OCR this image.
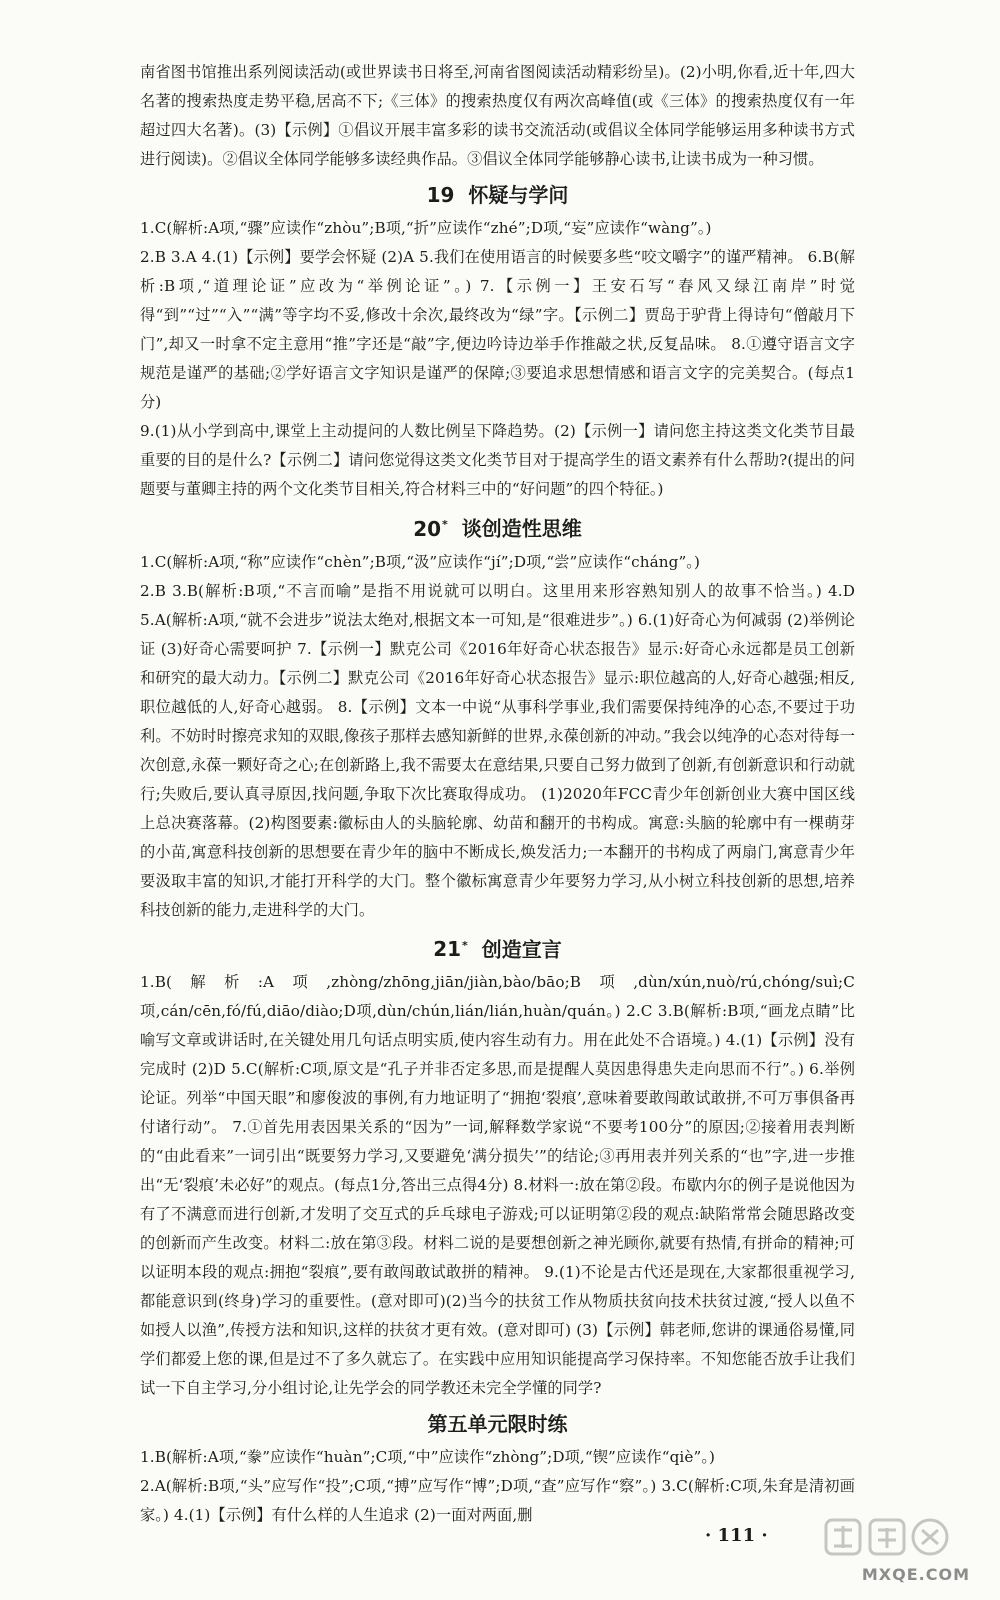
南省图书馆推出系列阅读活动(或世界读书日将至,河南省图阅读活动精彩纷呈)。(2)小明,你看,近十年,四大名著的搜索热度走势平稳,居高不下;《三体》的搜索热度仅有两次高峰值(或《三体》的搜索热度仅有一年超过四大名著)。(3)【示例】①倡议开展丰富多彩的读书交流活动(或倡议全体同学能够运用多种读书方式进行阅读)。②倡议全体同学能够多读经典作品。③倡议全体同学能够静心读书,让读书成为一种习惯。

19 怀疑与学问

1.C(解析:A项,“骤”应读作“zhòu”;B项,“折”应读作“zhé”;D项,“妄”应读作“wàng”。)

2.B 3.A 4.(1)【示例】要学会怀疑 (2)A 5.我们在使用语言的时候要多些“咬文嚼字”的谨严精神。 6.B(解析:B项,“道理论证”应改为“举例论证”。) 7.【示例一】王安石写“春风又绿江南岸”时觉得“到”“过”“入”“满”等字均不妥,修改十余次,最终改为“绿”字。【示例二】贾岛于驴背上得诗句“僧敲月下门”,却又一时拿不定主意用“推”字还是“敲”字,便边吟诗边举手作推敲之状,反复品味。 8.①遵守语言文字规范是谨严的基础;②学好语言文字知识是谨严的保障;③要追求思想情感和语言文字的完美契合。(每点1分)

9.(1)从小学到高中,课堂上主动提问的人数比例呈下降趋势。(2)【示例一】请问您主持这类文化类节目最重要的目的是什么?【示例二】请问您觉得这类文化类节目对于提高学生的语文素养有什么帮助?(提出的问题要与董卿主持的两个文化类节目相关,符合材料三中的“好问题”的四个特征。)

20* 谈创造性思维

1.C(解析:A项,“称”应读作“chèn”;B项,“汲”应读作“jí”;D项,“尝”应读作“cháng”。)

2.B 3.B(解析:B项,“不言而喻”是指不用说就可以明白。这里用来形容熟知别人的故事不恰当。) 4.D 5.A(解析:A项,“就不会进步”说法太绝对,根据文本一可知,是“很难进步”。) 6.(1)好奇心为何减弱 (2)举例论证 (3)好奇心需要呵护 7.【示例一】默克公司《2016年好奇心状态报告》显示:好奇心永远都是员工创新和研究的最大动力。【示例二】默克公司《2016年好奇心状态报告》显示:职位越高的人,好奇心越强;相反,职位越低的人,好奇心越弱。 8.【示例】文本一中说“从事科学事业,我们需要保持纯净的心态,不要过于功利。不妨时时擦亮求知的双眼,像孩子那样去感知新鲜的世界,永葆创新的冲动。”我会以纯净的心态对待每一次创意,永葆一颗好奇之心;在创新路上,我不需要太在意结果,只要自己努力做到了创新,有创新意识和行动就行;失败后,要认真寻原因,找问题,争取下次比赛取得成功。 (1)2020年FCC青少年创新创业大赛中国区线上总决赛落幕。(2)构图要素:徽标由人的头脑轮廓、幼苗和翻开的书构成。寓意:头脑的轮廓中有一棵萌芽的小苗,寓意科技创新的思想要在青少年的脑中不断成长,焕发活力;一本翻开的书构成了两扇门,寓意青少年要汲取丰富的知识,才能打开科学的大门。整个徽标寓意青少年要努力学习,从小树立科技创新的思想,培养科技创新的能力,走进科学的大门。

21* 创造宣言

1.B(解析:A项,zhòng/zhōng,jiān/jiàn,bào/bāo;B项,dùn/xún,nuò/rú,chóng/suì;C项,cán/cēn,fó/fú,diāo/diào;D项,dùn/chún,lián/lián,huàn/quán。) 2.C 3.B(解析:B项,“画龙点睛”比喻写文章或讲话时,在关键处用几句话点明实质,使内容生动有力。用在此处不合语境。) 4.(1)【示例】没有完成时 (2)D 5.C(解析:C项,原文是“孔子并非否定多思,而是提醒人莫因患得患失走向思而不行”。) 6.举例论证。列举“中国天眼”和廖俊波的事例,有力地证明了“拥抱‘裂痕’,意味着要敢闯敢试敢拼,不可万事俱备再付诸行动”。 7.①首先用表因果关系的“因为”一词,解释数学家说“不要考100分”的原因;②接着用表判断的“由此看来”一词引出“既要努力学习,又要避免‘满分损失’”的结论;③再用表并列关系的“也”字,进一步推出“无‘裂痕’未必好”的观点。(每点1分,答出三点得4分) 8.材料一:放在第②段。布歇内尔的例子是说他因为有了不满意而进行创新,才发明了交互式的乒乓球电子游戏;可以证明第②段的观点:缺陷常常会随思路改变的创新而产生改变。材料二:放在第③段。材料二说的是要想创新之神光顾你,就要有热情,有拼命的精神;可以证明本段的观点:拥抱“裂痕”,要有敢闯敢试敢拼的精神。 9.(1)不论是古代还是现在,大家都很重视学习,都能意识到(终身)学习的重要性。(意对即可)(2)当今的扶贫工作从物质扶贫向技术扶贫过渡,“授人以鱼不如授人以渔”,传授方法和知识,这样的扶贫才更有效。(意对即可) (3)【示例】韩老师,您讲的课通俗易懂,同学们都爱上您的课,但是过不了多久就忘了。在实践中应用知识能提高学习保持率。不知您能否放手让我们试一下自主学习,分小组讨论,让先学会的同学教还未完全学懂的同学?

第五单元限时练

1.B(解析:A项,“豢”应读作“huàn”;C项,“中”应读作“zhòng”;D项,“锲”应读作“qiè”。)

2.A(解析:B项,“头”应写作“投”;C项,“搏”应写作“博”;D项,“查”应写作“察”。) 3.C(解析:C项,朱耷是清初画家。) 4.(1)【示例】有什么样的人生追求 (2)一面对两面,删

· 111 ·
MXQE.COM
